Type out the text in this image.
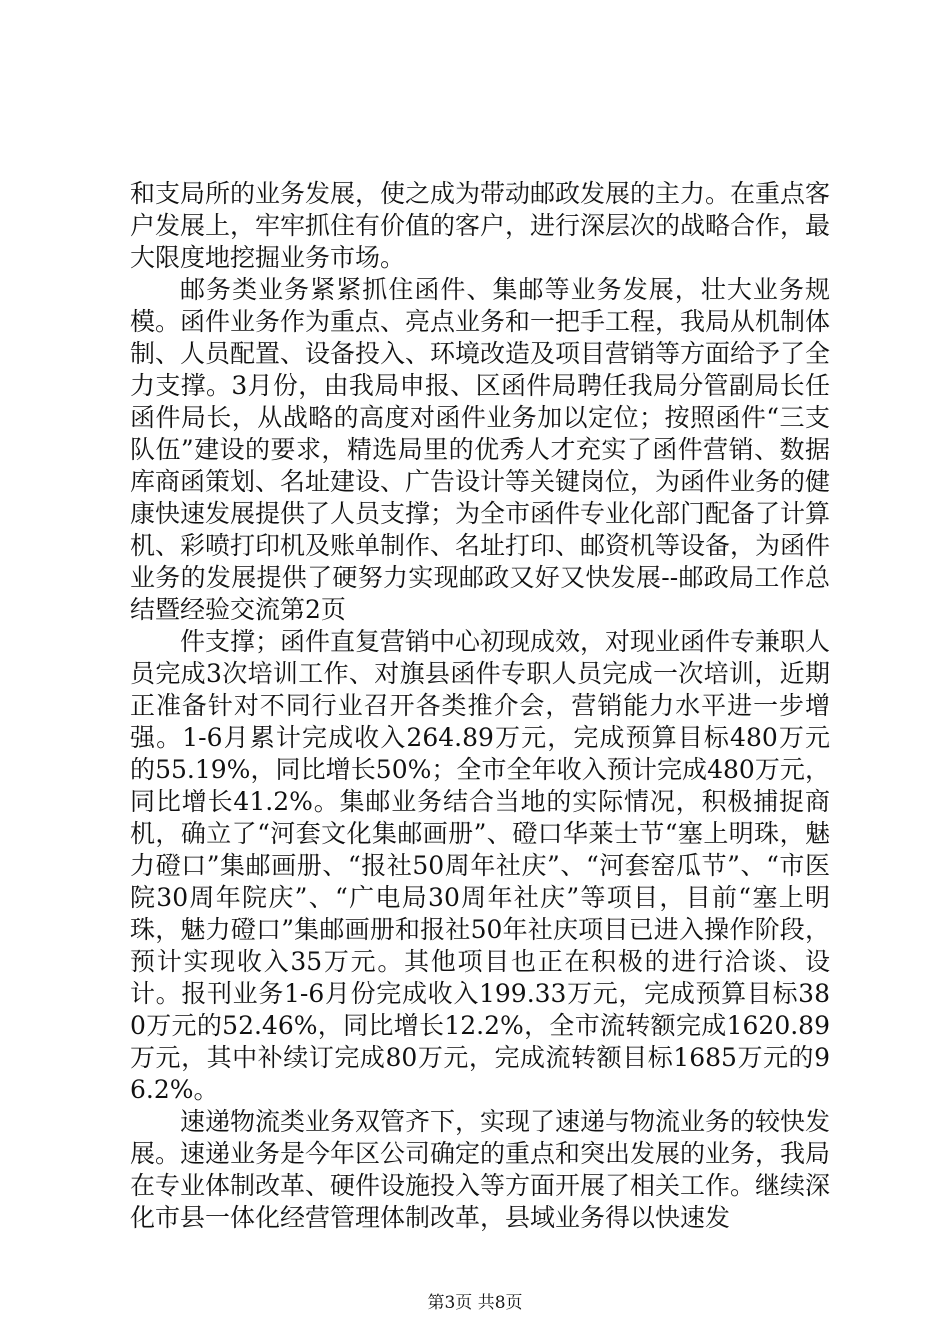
和支局所的业务发展，使之成为带动邮政发展的主力。在重点客户发展上，牢牢抓住有价值的客户，进行深层次的战略合作，最大限度地挖掘业务市场。

邮务类业务紧紧抓住函件、集邮等业务发展，壮大业务规模。函件业务作为重点、亮点业务和一把手工程，我局从机制体制、人员配置、设备投入、环境改造及项目营销等方面给予了全力支撑。3月份，由我局申报、区函件局聘任我局分管副局长任函件局长，从战略的高度对函件业务加以定位；按照函件“三支队伍”建设的要求，精选局里的优秀人才充实了函件营销、数据库商函策划、名址建设、广告设计等关键岗位，为函件业务的健康快速发展提供了人员支撑；为全市函件专业化部门配备了计算机、彩喷打印机及账单制作、名址打印、邮资机等设备，为函件业务的发展提供了硬努力实现邮政又好又快发展--邮政局工作总结暨经验交流第2页

件支撑；函件直复营销中心初现成效，对现业函件专兼职人员完成3次培训工作、对旗县函件专职人员完成一次培训，近期正准备针对不同行业召开各类推介会，营销能力水平进一步增强。1-6月累计完成收入264.89万元，完成预算目标480万元的55.19%，同比增长50%；全市全年收入预计完成480万元，同比增长41.2%。集邮业务结合当地的实际情况，积极捕捉商机，确立了“河套文化集邮画册”、磴口华莱士节“塞上明珠，魅力磴口”集邮画册、“报社50周年社庆”、“河套窑瓜节”、“市医院30周年院庆”、“广电局30周年社庆”等项目，目前“塞上明珠，魅力磴口”集邮画册和报社50年社庆项目已进入操作阶段，预计实现收入35万元。其他项目也正在积极的进行洽谈、设计。报刊业务1-6月份完成收入199.33万元，完成预算目标380万元的52.46%，同比增长12.2%，全市流转额完成1620.89万元，其中补续订完成80万元，完成流转额目标1685万元的96.2%。

速递物流类业务双管齐下，实现了速递与物流业务的较快发展。速递业务是今年区公司确定的重点和突出发展的业务，我局在专业体制改革、硬件设施投入等方面开展了相关工作。继续深化市县一体化经营管理体制改革，县域业务得以快速发

第3页 共8页
